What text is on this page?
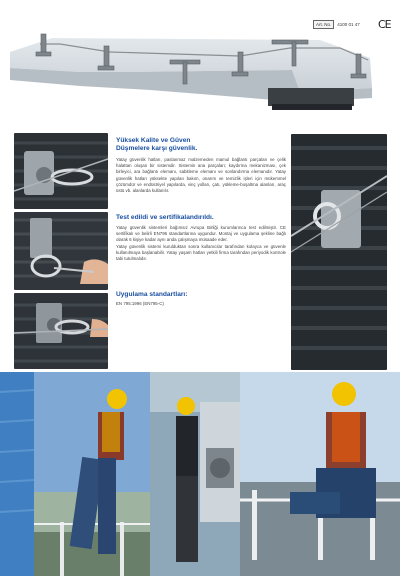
Art. No.	4100 01 47 CE
Yüksek Kalite ve Güven
Düşmelere karşı güvenlik.
Yatay güvenlik hatları, paslanmaz malzemeden mamul bağlantı parçaları ve çelik halattan oluşan bir sistemdir. Sistemin ana parçaları; kaydırma mekanizması, çek birleyici, ara bağlantı elemanı, sabitleme elemanı ve sonlandırma elemanıdır. Yatay güvenlik hatları yüksekte yapılan bakım, onarım ve temizlik işleri için mükemmel çözümdür ve endüstriyel yapılarda, vinç yolları, çatı, yükleme-boşaltma alanları, araç üstü vb. alanlarda kullanılır.
Test edildi ve sertifikalandırıldı.
Yatay güvenlik sistemleri bağımsız Avrupa Birliği kurumlarınca test edilmiştir. CE sertifikalı ve belirli EN795 standartlarına uygundur. Montaj ve uygulama şekline bağlı olarak 6 kişiye kadar aynı anda çalışmaya müsaade eder.
Yatay güvenlik sistemi kurulduktan sonra kullanıcılar tarafından kolayca ve güvenle kullanılmaya başlanabilir. Yatay yaşam hatları yetkili firma tarafından periyodik kontrole tabi tutulmalıdır.
Uygulama standartları:
EN 795:1996 (EN795-C)
